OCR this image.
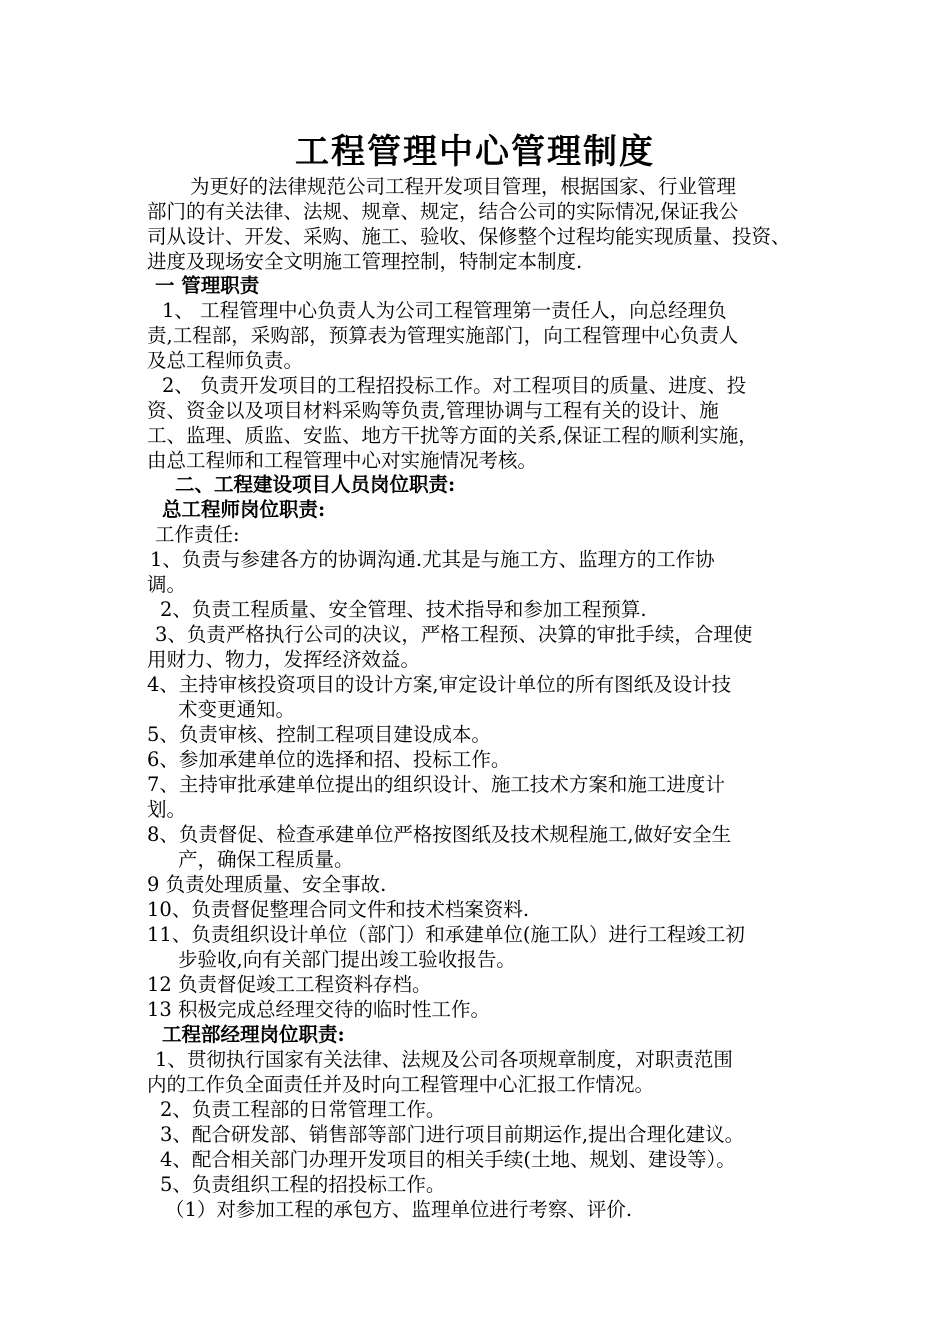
工程管理中心管理制度
为更好的法律规范公司工程开发项目管理，根据国家、行业管理
部门的有关法律、法规、规章、规定，结合公司的实际情况,保证我公
司从设计、开发、采购、施工、验收、保修整个过程均能实现质量、投资、
进度及现场安全文明施工管理控制，特制定本制度.
一 管理职责
1、 工程管理中心负责人为公司工程管理第一责任人，向总经理负
责,工程部，采购部，预算表为管理实施部门，向工程管理中心负责人
及总工程师负责。
2、 负责开发项目的工程招投标工作。对工程项目的质量、进度、投
资、资金以及项目材料采购等负责,管理协调与工程有关的设计、施
工、监理、质监、安监、地方干扰等方面的关系,保证工程的顺利实施，
由总工程师和工程管理中心对实施情况考核。
二、工程建设项目人员岗位职责:
总工程师岗位职责:
工作责任:
1、负责与参建各方的协调沟通.尤其是与施工方、监理方的工作协
调。
2、负责工程质量、安全管理、技术指导和参加工程预算.
3、负责严格执行公司的决议，严格工程预、决算的审批手续，合理使
用财力、物力，发挥经济效益。
4、主持审核投资项目的设计方案,审定设计单位的所有图纸及设计技
术变更通知。
5、负责审核、控制工程项目建设成本。
6、参加承建单位的选择和招、投标工作。
7、主持审批承建单位提出的组织设计、施工技术方案和施工进度计
划。
8、负责督促、检查承建单位严格按图纸及技术规程施工,做好安全生
产，确保工程质量。
9 负责处理质量、安全事故.
10、负责督促整理合同文件和技术档案资料.
11、负责组织设计单位（部门）和承建单位(施工队）进行工程竣工初
步验收,向有关部门提出竣工验收报告。
12 负责督促竣工工程资料存档。
13 积极完成总经理交待的临时性工作。
工程部经理岗位职责:
1、贯彻执行国家有关法律、法规及公司各项规章制度，对职责范围
内的工作负全面责任并及时向工程管理中心汇报工作情况。
2、负责工程部的日常管理工作。
3、配合研发部、销售部等部门进行项目前期运作,提出合理化建议。
4、配合相关部门办理开发项目的相关手续(土地、规划、建设等）。
5、负责组织工程的招投标工作。
（1）对参加工程的承包方、监理单位进行考察、评价.
